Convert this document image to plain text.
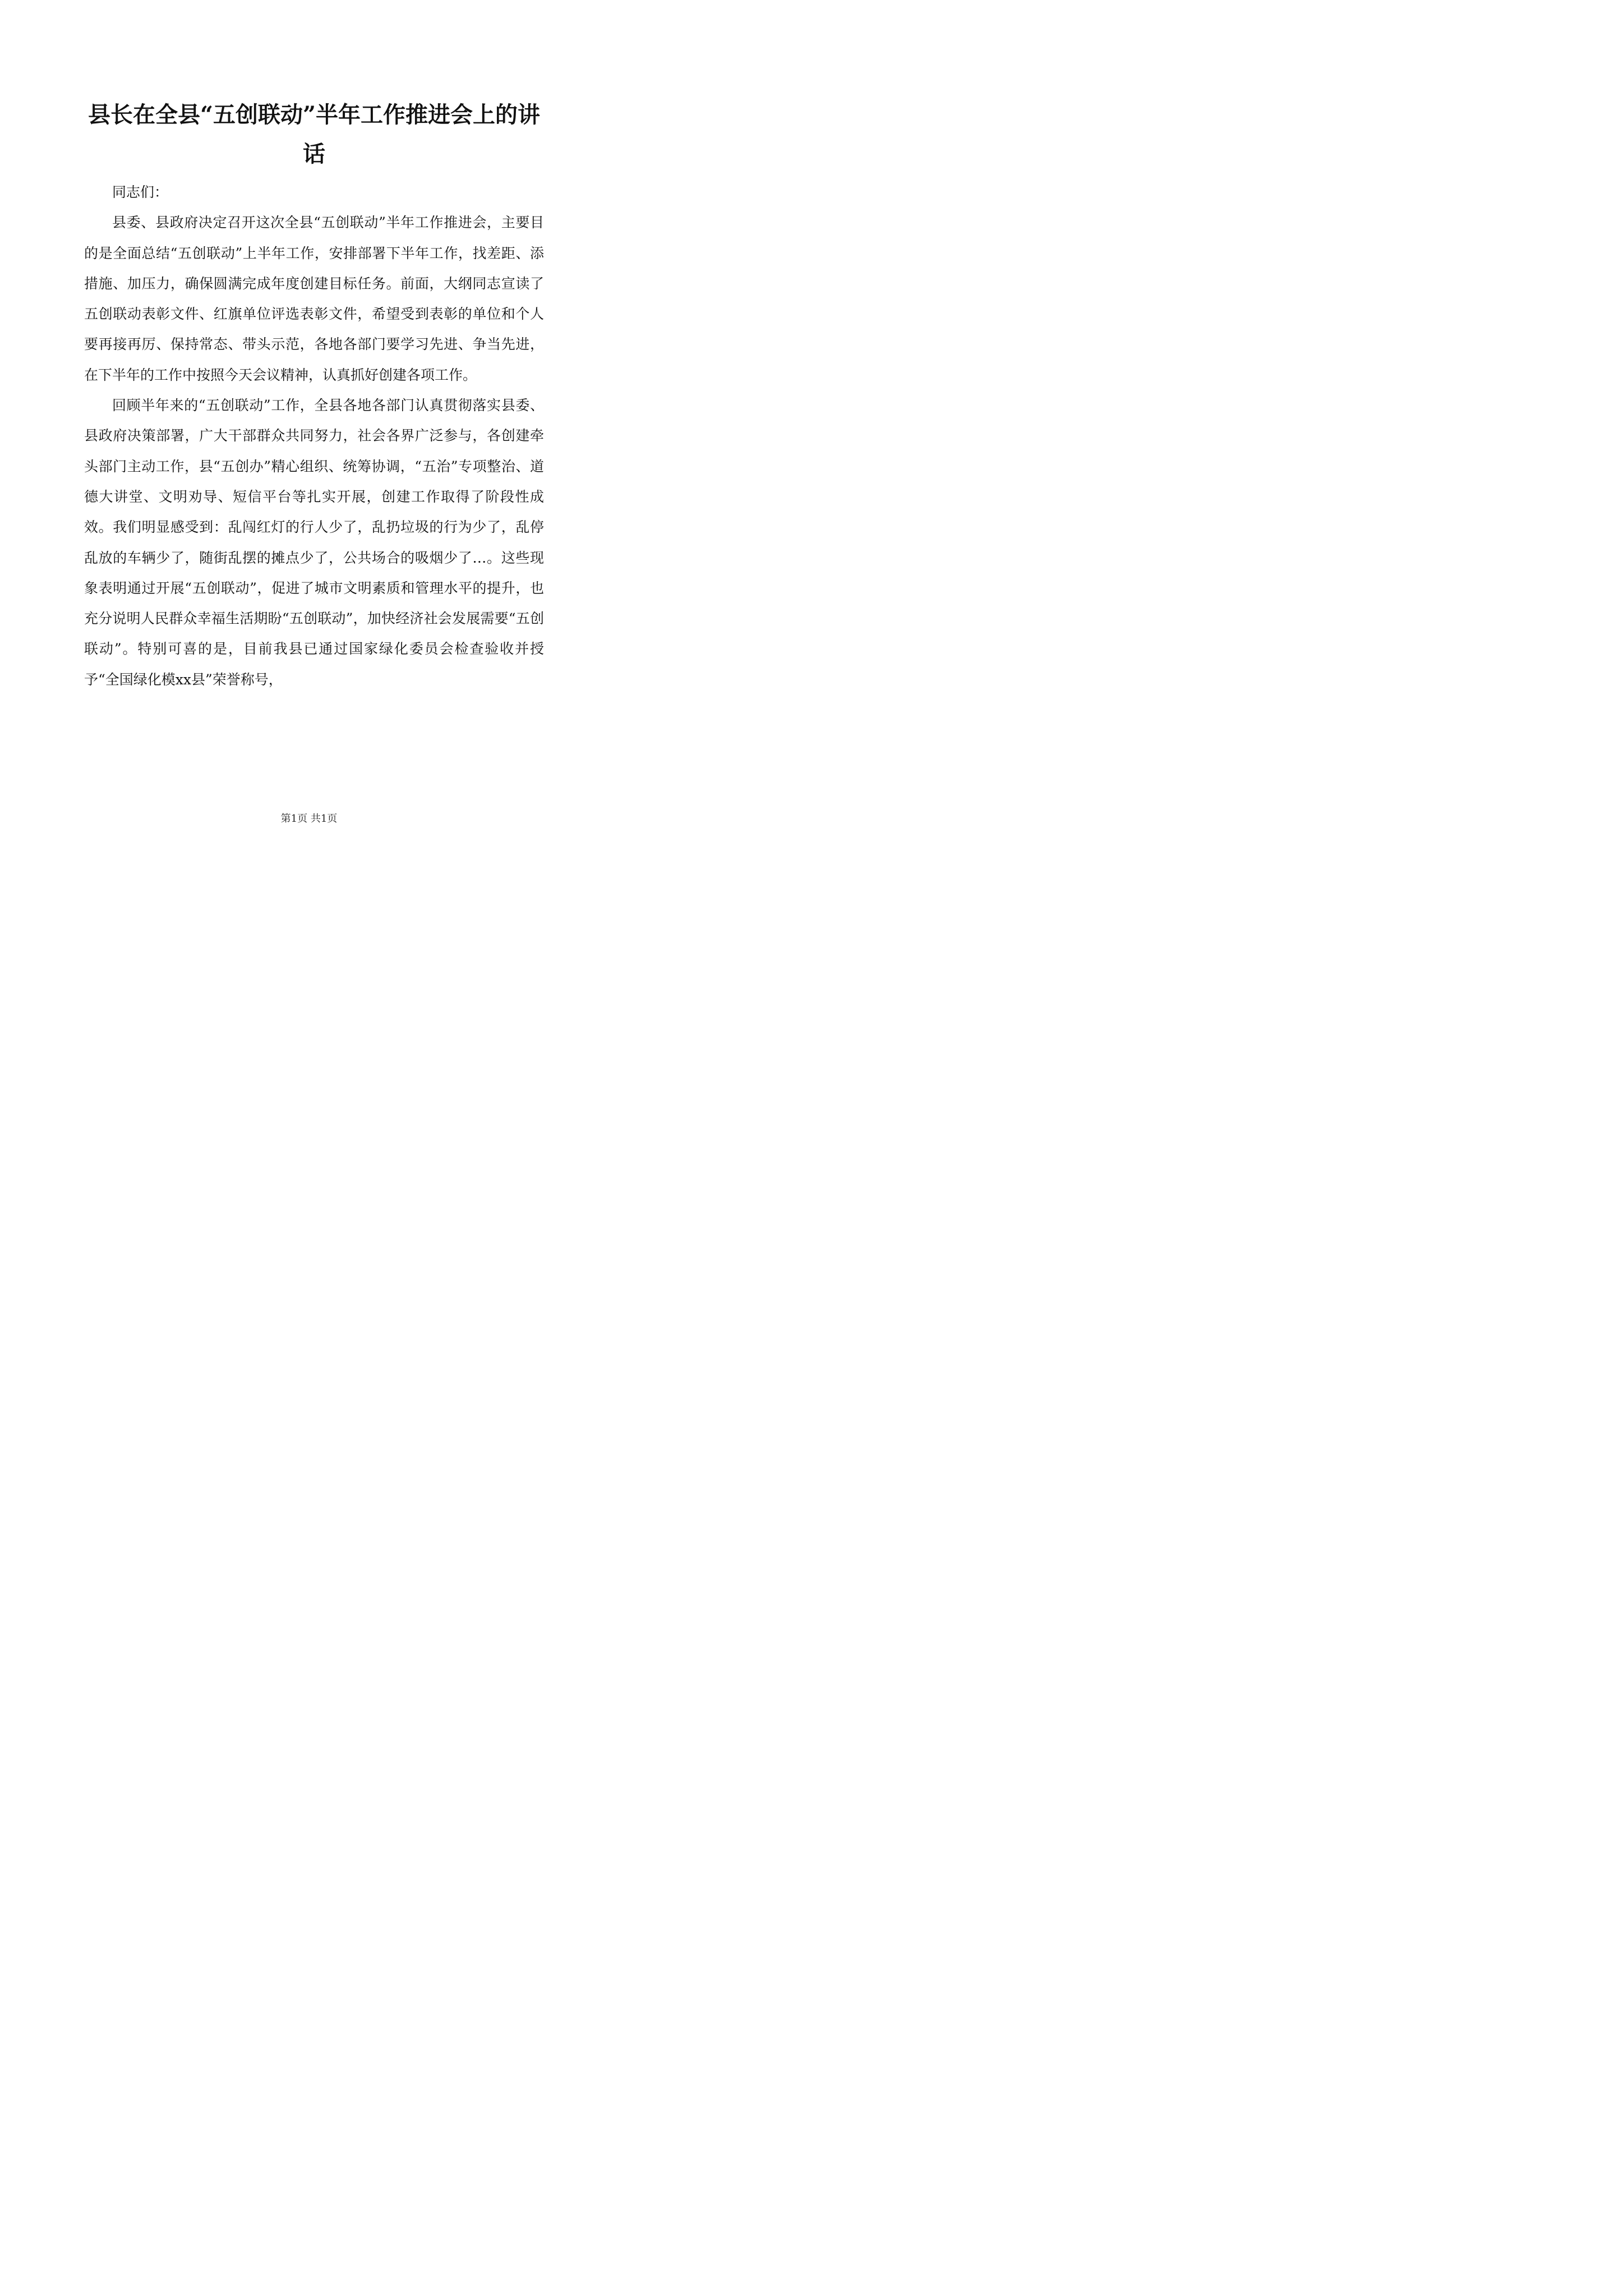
县长在全县“五创联动”半年工作推进会上的讲话

同志们：

县委、县政府决定召开这次全县“五创联动”半年工作推进会，主要目的是全面总结“五创联动”上半年工作，安排部署下半年工作，找差距、添措施、加压力，确保圆满完成年度创建目标任务。前面，大纲同志宣读了五创联动表彰文件、红旗单位评选表彰文件，希望受到表彰的单位和个人要再接再厉、保持常态、带头示范，各地各部门要学习先进、争当先进，在下半年的工作中按照今天会议精神，认真抓好创建各项工作。

回顾半年来的“五创联动”工作，全县各地各部门认真贯彻落实县委、县政府决策部署，广大干部群众共同努力，社会各界广泛参与，各创建牵头部门主动工作，县“五创办”精心组织、统筹协调，“五治”专项整治、道德大讲堂、文明劝导、短信平台等扎实开展，创建工作取得了阶段性成效。我们明显感受到：乱闯红灯的行人少了，乱扔垃圾的行为少了，乱停乱放的车辆少了，随街乱摆的摊点少了，公共场合的吸烟少了…。这些现象表明通过开展“五创联动”，促进了城市文明素质和管理水平的提升，也充分说明人民群众幸福生活期盼“五创联动”，加快经济社会发展需要“五创联动”。特别可喜的是，目前我县已通过国家绿化委员会检查验收并授予“全国绿化模xx县”荣誉称号，

第1页 共1页
